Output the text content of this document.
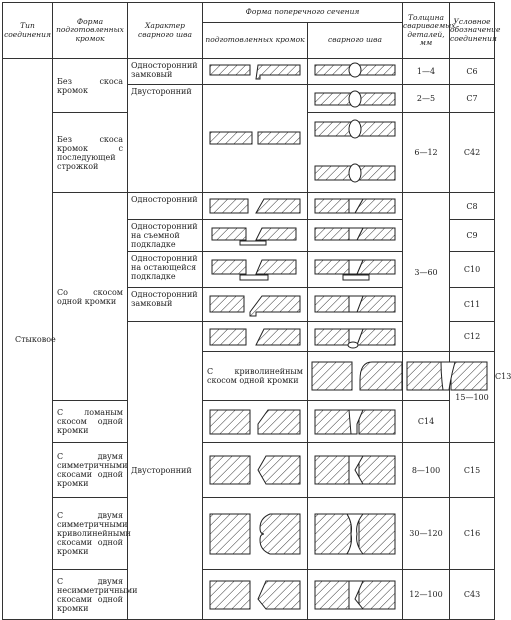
Тип соединения	Форма подготовленных кромок	Характер сварного шва	Форма поперечного сечения		Толщина свариваемых деталей, мм	Условное обозначение соединения	
			подготовленных кромок	сварного шва			
Стыковое	Без скоса кромок	Односторонний замковый			1—4	С6	
		Двусторонний			2—5	С7	
	Без скоса кромок с последующей строжкой				6—12	С42	
	Со скосом одной кромки	Односторонний			3—60	С8	
		Односторонний на съемной подкладке				С9	
		Односторонний на остающейся подкладке				С10	
		Односторонний замковый				С11	
		Двусторонний				С12	
			С криволинейным скосом одной кромки			15—100	С13
	С ломаным скосом одной кромки				С14		
	С двумя симметричными скосами одной кромки				8—100	С15	
	С двумя симметричными криволинейными скосами одной кромки				30—120	С16	
	С двумя несимметричными скосами одной кромки				12—100	С43	
